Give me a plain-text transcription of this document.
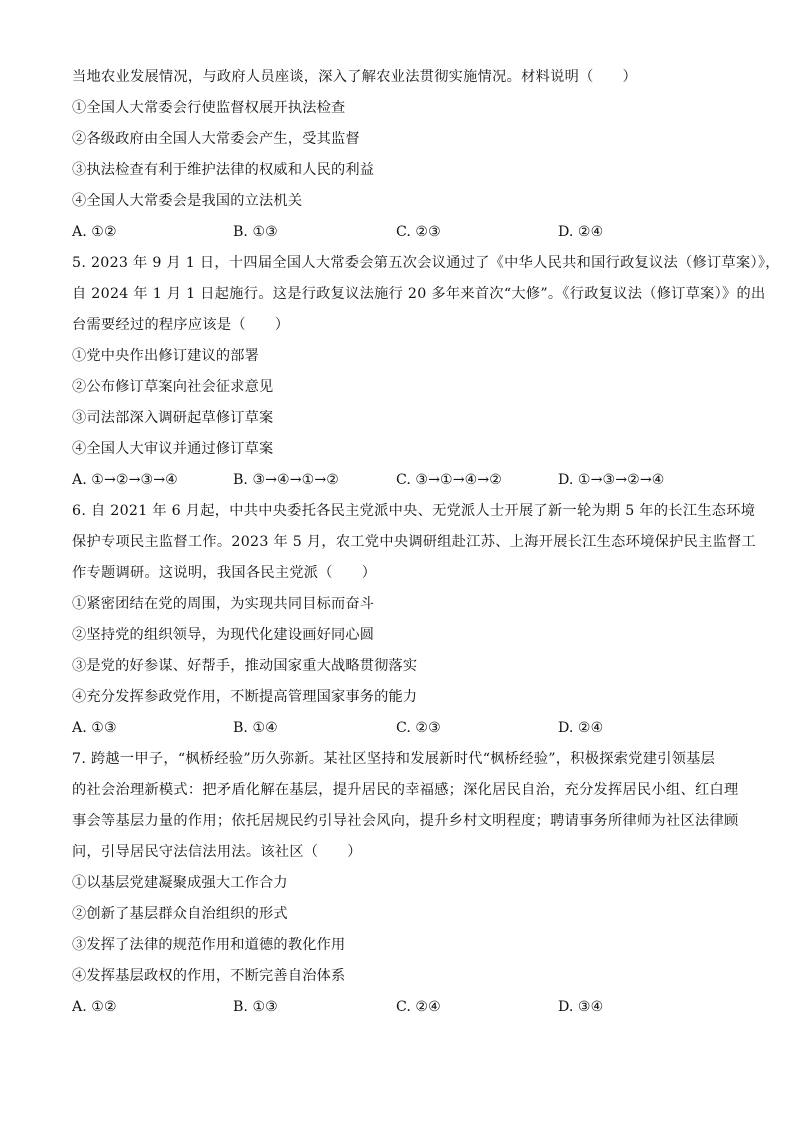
当地农业发展情况，与政府人员座谈，深入了解农业法贯彻实施情况。材料说明（　　）
①全国人大常委会行使监督权展开执法检查
②各级政府由全国人大常委会产生，受其监督
③执法检查有利于维护法律的权威和人民的利益
④全国人大常委会是我国的立法机关
A. ①②	B. ①③	C. ②③	D. ②④
5. 2023 年 9 月 1 日，十四届全国人大常委会第五次会议通过了《中华人民共和国行政复议法（修订草案）》，
自 2024 年 1 月 1 日起施行。这是行政复议法施行 20 多年来首次“大修”。《行政复议法（修订草案）》的出
台需要经过的程序应该是（　　）
①党中央作出修订建议的部署
②公布修订草案向社会征求意见
③司法部深入调研起草修订草案
④全国人大审议并通过修订草案
A. ①→②→③→④	B. ③→④→①→②	C. ③→①→④→②	D. ①→③→②→④
6. 自 2021 年 6 月起，中共中央委托各民主党派中央、无党派人士开展了新一轮为期 5 年的长江生态环境
保护专项民主监督工作。2023 年 5 月，农工党中央调研组赴江苏、上海开展长江生态环境保护民主监督工
作专题调研。这说明，我国各民主党派（　　）
①紧密团结在党的周围，为实现共同目标而奋斗
②坚持党的组织领导，为现代化建设画好同心圆
③是党的好参谋、好帮手，推动国家重大战略贯彻落实
④充分发挥参政党作用，不断提高管理国家事务的能力
A. ①③	B. ①④	C. ②③	D. ②④
7. 跨越一甲子，“枫桥经验”历久弥新。某社区坚持和发展新时代“枫桥经验”，积极探索党建引领基层
的社会治理新模式：把矛盾化解在基层，提升居民的幸福感；深化居民自治，充分发挥居民小组、红白理
事会等基层力量的作用；依托居规民约引导社会风向，提升乡村文明程度；聘请事务所律师为社区法律顾
问，引导居民守法信法用法。该社区（　　）
①以基层党建凝聚成强大工作合力
②创新了基层群众自治组织的形式
③发挥了法律的规范作用和道德的教化作用
④发挥基层政权的作用，不断完善自治体系
A. ①②	B. ①③	C. ②④	D. ③④
